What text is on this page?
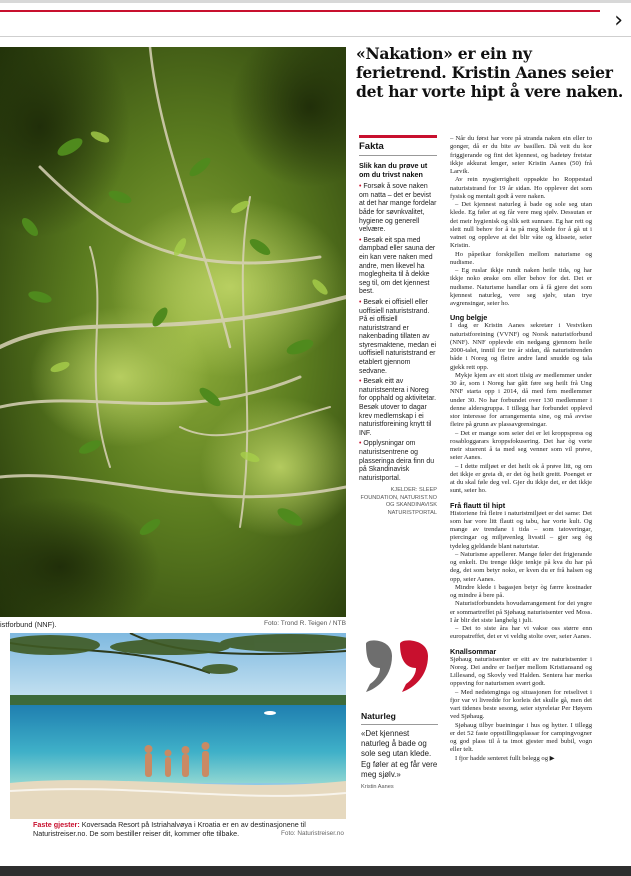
›
istforbund (NNF).	Foto: Trond R. Teigen / NTB
Faste gjester: Koversada Resort på Istriahalvøya i Kroatia er en av destinasjonene til Naturistreiser.no. De som bestiller reiser dit, kommer ofte tilbake.	Foto: Naturistreiser.no
«Nakation» er ein ny ferietrend. Kristin Aanes seier det har vorte hipt å vere naken.
Fakta
Slik kan du prøve ut om du trivst naken
• Forsøk å sove naken om natta – det er bevist at det har mange fordelar både for søvnkvalitet, hygiene og generell velvære.
• Besøk eit spa med dampbad eller sauna der ein kan vere naken med andre, men likevel ha moglegheita til å dekke seg til, om det kjennest best.
• Besøk ei offisiell eller uoffisiell naturiststrand. På ei offisiell naturiststrand er nakenbading tillaten av styresmaktene, medan ei uoffisiell naturiststrand er etablert gjennom sedvane.
• Besøk eitt av naturistsentera i Noreg for opphald og aktivitetar. Besøk utover to dagar krev medlemskap i ei naturistforeining knytt til INF.
• Opplysningar om naturistsentrene og plasseringa deira finn du på Skandinavisk naturistportal.
KJELDER: SLEEP FOUNDATION, NATURIST.NO OG SKANDINAVISK NATURISTPORTAL
Naturleg
«Det kjennest naturleg å bade og sole seg utan klede. Eg føler at eg får vere meg sjølv.»
Kristin Aanes

– Når du først har vore på stranda naken ein eller to gonger, då er du bite av basillen. Då veit du kor friggjerande og fint det kjennest, og badetøy freistar ikkje akkurat lenger, seier Kristin Aanes (50) frå Larvik.

Av rein nysgjerrigheit oppsøkte ho Roppestad naturiststrand for 19 år sidan. Ho opplever det som fysisk og mentalt godt å vere naken.

– Det kjennest naturleg å bade og sole seg utan klede. Eg føler at eg får vere meg sjølv. Dessutan er det meir hygienisk og slik sett sunnare. Eg har rett og slett null behov for å ta på meg klede for å gå ut i vatnet og oppleve at dei blir våte og klissete, seier Kristin.

Ho påpeikar forskjellen mellom naturisme og nudisme.

– Eg ruslar ikkje rundt naken heile tida, og har ikkje noko ønske om eller behov for det. Det er nudisme. Naturisme handlar om å få gjere det som kjennest naturleg, vere seg sjølv, utan trye avgrensingar, seier ho.

Ung belgje

I dag er Kristin Aanes sekretær i Vestviken naturistforeining (VVNF) og Norsk naturistforbund (NNF). NNF opplevde ein nedgang gjennom heile 2000-talet, inntil for tre år sidan, då naturisttrenden både i Noreg og fleire andre land snudde og tala gjekk rett opp.

Mykje kjem av eit stort tilsig av medlemmer under 30 år, som i Noreg har gått føre seg heilt frå Ung NNF starta opp i 2014, då med fem medlemmer under 30. No har forbundet over 130 medlemmer i denne aldersgruppa. I tillegg har forbundet opplevd stor interesse for arrangementa sine, og må avvise fleire på grunn av plassavgrensingar.

– Det er mange som seier dei er lei kroppspress og rosabloggarars kroppsfokusering. Det har òg vorte meir stuerent å ta med seg venner som vil prøve, seier Aanes.

– I dette miljøet er det heilt ok å prøve litt, og om det ikkje er greia di, er det òg heilt greitt. Poenget er at du skal føle deg vel. Gjer du ikkje det, er det ikkje sunt, seier ho.

Frå flautt til hipt

Historiene frå fleire i naturistmiljøet er dei same: Det som har vore litt flautt og tabu, har vorte kult. Og mange av trendane i tida – som tatoveringar, piercingar og miljøvenleg livsstil – gjer seg òg tydeleg gjeldande blant naturistar.

– Naturisme appellerer. Mange føler det frigjerande og enkelt. Du trenge ikkje tenkje på kva du har på deg, det som betyr noko, er kven du er frå halsen og opp, seier Aanes.

Mindre klede i bagasjen betyr òg færre kostnader og mindre å bere på.

Naturistforbundets hovudarrangement for dei yngre er sommartreffet på Sjøhaug naturistsenter ved Moss. I år blir det siste langhelg i juli.

– Dei to siste åra har vi vakse oss større enn europatreffet, det er vi veldig stolte over, seier Aanes.

Knallsommar

Sjøhaug naturistsenter er eitt av tre naturistsenter i Noreg. Dei andre er Isefjær mellom Kristiansand og Lillesand, og Skovly ved Halden. Sentera har merka oppsving for naturismen svært godt.

– Med nedstenginga og situasjonen for reiselivet i fjor var vi livredde for korleis det skulle gå, men det vart tidenes beste sesong, seier styreleiar Per Høyem ved Sjøhaug.

Sjøhaug tilbyr bueiningar i hus og hytter. I tillegg er det 52 faste oppstillingsplassar for campingvogner og god plass til å ta imot gjester med bubil, vogn eller telt.

I fjor hadde senteret fullt belegg og ▶
